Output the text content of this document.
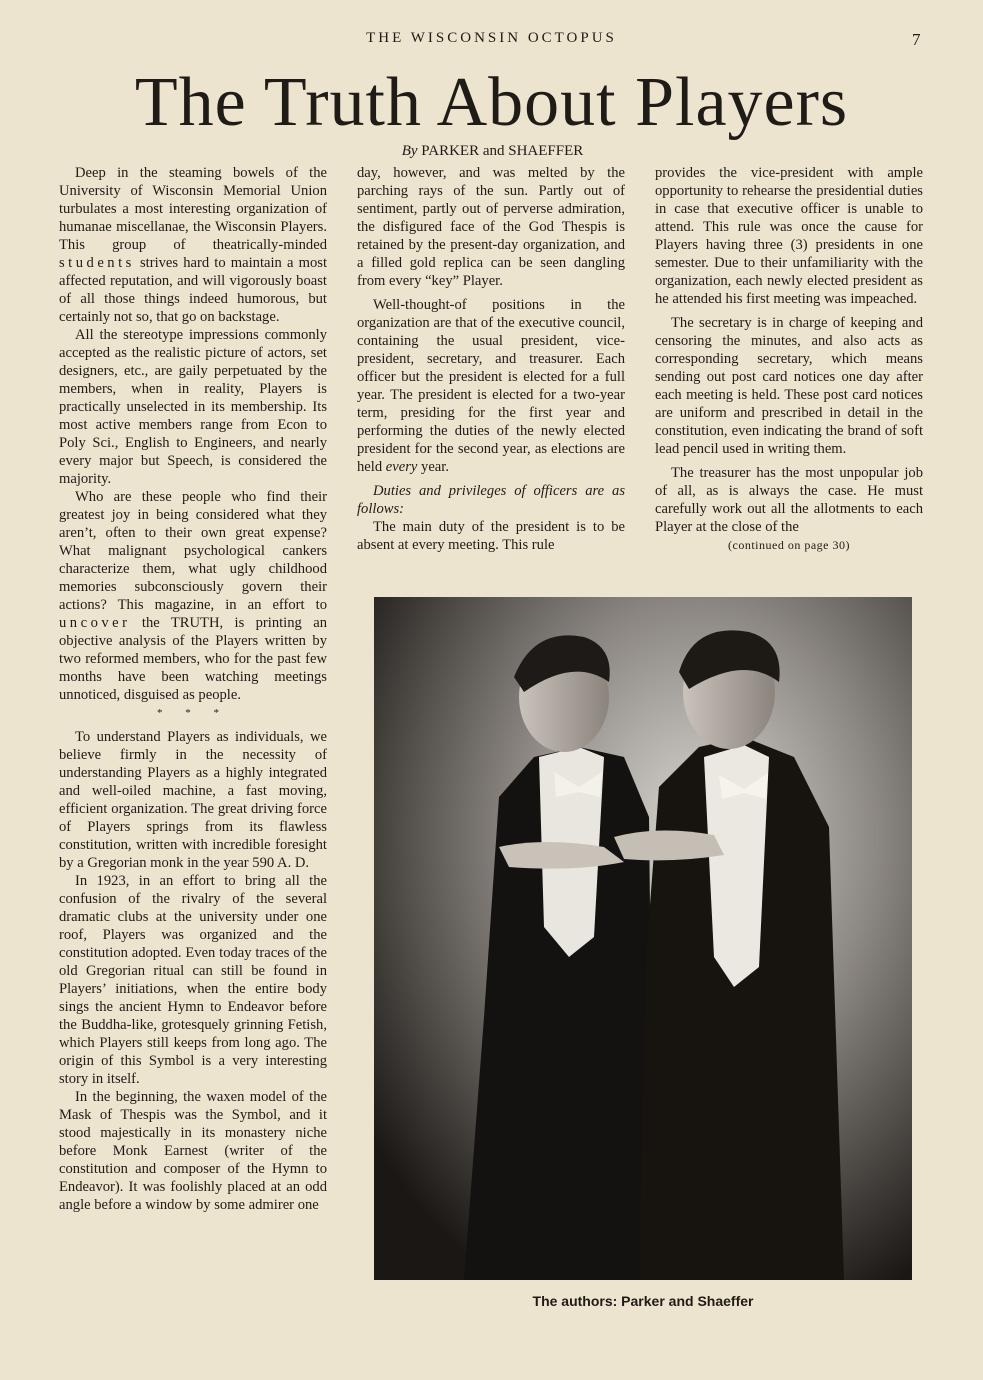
THE WISCONSIN OCTOPUS	7
The Truth About Players
By PARKER and SHAEFFER

Deep in the steaming bowels of the University of Wisconsin Memorial Union turbulates a most interesting organization of humanae miscellanae, the Wisconsin Players. This group of theatrically-minded students strives hard to maintain a most affected reputation, and will vigorously boast of all those things indeed humorous, but certainly not so, that go on backstage.

All the stereotype impressions commonly accepted as the realistic picture of actors, set designers, etc., are gaily perpetuated by the members, when in reality, Players is practically unselected in its membership. Its most active members range from Econ to Poly Sci., English to Engineers, and nearly every major but Speech, is considered the majority.

Who are these people who find their greatest joy in being considered what they aren’t, often to their own great expense? What malignant psychological cankers characterize them, what ugly childhood memories subconsciously govern their actions? This magazine, in an effort to uncover the TRUTH, is printing an objective analysis of the Players written by two reformed members, who for the past few months have been watching meetings unnoticed, disguised as people.

* * *

To understand Players as individuals, we believe firmly in the necessity of understanding Players as a highly integrated and well-oiled machine, a fast moving, efficient organization. The great driving force of Players springs from its flawless constitution, written with incredible foresight by a Gregorian monk in the year 590 A. D.

In 1923, in an effort to bring all the confusion of the rivalry of the several dramatic clubs at the university under one roof, Players was organized and the constitution adopted. Even today traces of the old Gregorian ritual can still be found in Players’ initiations, when the entire body sings the ancient Hymn to Endeavor before the Buddha-like, grotesquely grinning Fetish, which Players still keeps from long ago. The origin of this Symbol is a very interesting story in itself.

In the beginning, the waxen model of the Mask of Thespis was the Symbol, and it stood majestically in its monastery niche before Monk Earnest (writer of the constitution and composer of the Hymn to Endeavor). It was foolishly placed at an odd angle before a window by some admirer one

day, however, and was melted by the parching rays of the sun. Partly out of sentiment, partly out of perverse admiration, the disfigured face of the God Thespis is retained by the present-day organization, and a filled gold replica can be seen dangling from every “key” Player.

Well-thought-of positions in the organization are that of the executive council, containing the usual president, vice-president, secretary, and treasurer. Each officer but the president is elected for a full year. The president is elected for a two-year term, presiding for the first year and performing the duties of the newly elected president for the second year, as elections are held every year.

Duties and privileges of officers are as follows:

The main duty of the president is to be absent at every meeting. This rule

provides the vice-president with ample opportunity to rehearse the presidential duties in case that executive officer is unable to attend. This rule was once the cause for Players having three (3) presidents in one semester. Due to their unfamiliarity with the organization, each newly elected president as he attended his first meeting was impeached.

The secretary is in charge of keeping and censoring the minutes, and also acts as corresponding secretary, which means sending out post card notices one day after each meeting is held. These post card notices are uniform and prescribed in detail in the constitution, even indicating the brand of soft lead pencil used in writing them.

The treasurer has the most unpopular job of all, as is always the case. He must carefully work out all the allotments to each Player at the close of the

(continued on page 30)

The authors: Parker and Shaeffer
